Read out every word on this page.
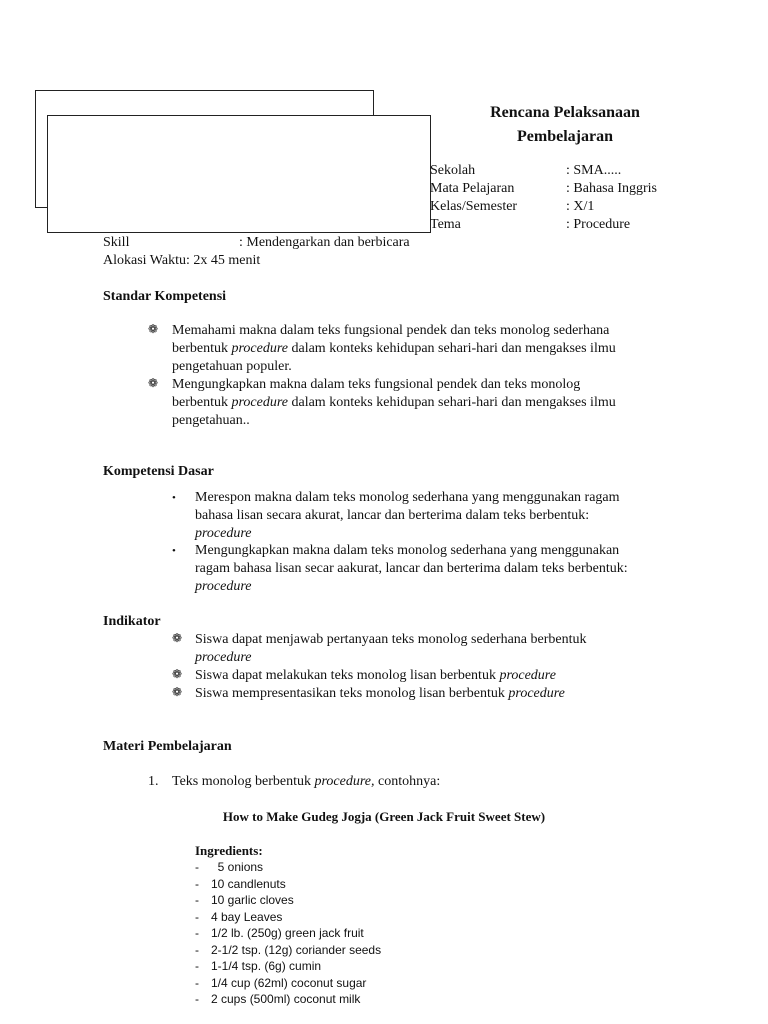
Rencana Pelaksanaan
Pembelajaran
Sekolah	: SMA.....
Mata Pelajaran	: Bahasa Inggris
Kelas/Semester	: X/1
Tema	: Procedure
Skill	: Mendengarkan dan berbicara
Alokasi Waktu: 2x 45 menit
Standar Kompetensi
❁ Memahami makna dalam teks fungsional pendek dan teks monolog sederhana
berbentuk procedure dalam konteks kehidupan sehari-hari dan mengakses ilmu
pengetahuan populer.
❁ Mengungkapkan makna dalam teks fungsional pendek dan teks monolog
berbentuk procedure dalam konteks kehidupan sehari-hari dan mengakses ilmu
pengetahuan..
Kompetensi Dasar
• Merespon makna dalam teks monolog sederhana yang menggunakan ragam
bahasa lisan secara akurat, lancar dan berterima dalam teks berbentuk:
procedure
• Mengungkapkan makna dalam teks monolog sederhana yang menggunakan
ragam bahasa lisan secar aakurat, lancar dan berterima dalam teks berbentuk:
procedure
Indikator
❁ Siswa dapat menjawab pertanyaan teks monolog sederhana berbentuk
procedure
❁ Siswa dapat melakukan teks monolog lisan berbentuk procedure
❁ Siswa mempresentasikan teks monolog lisan berbentuk procedure
Materi Pembelajaran
1. Teks monolog berbentuk procedure, contohnya:
How to Make Gudeg Jogja (Green Jack Fruit Sweet Stew)
Ingredients:
-  5 onions
- 10 candlenuts
- 10 garlic cloves
- 4 bay Leaves
- 1/2 lb. (250g) green jack fruit
- 2-1/2 tsp. (12g) coriander seeds
- 1-1/4 tsp. (6g) cumin
- 1/4 cup (62ml) coconut sugar
- 2 cups (500ml) coconut milk
